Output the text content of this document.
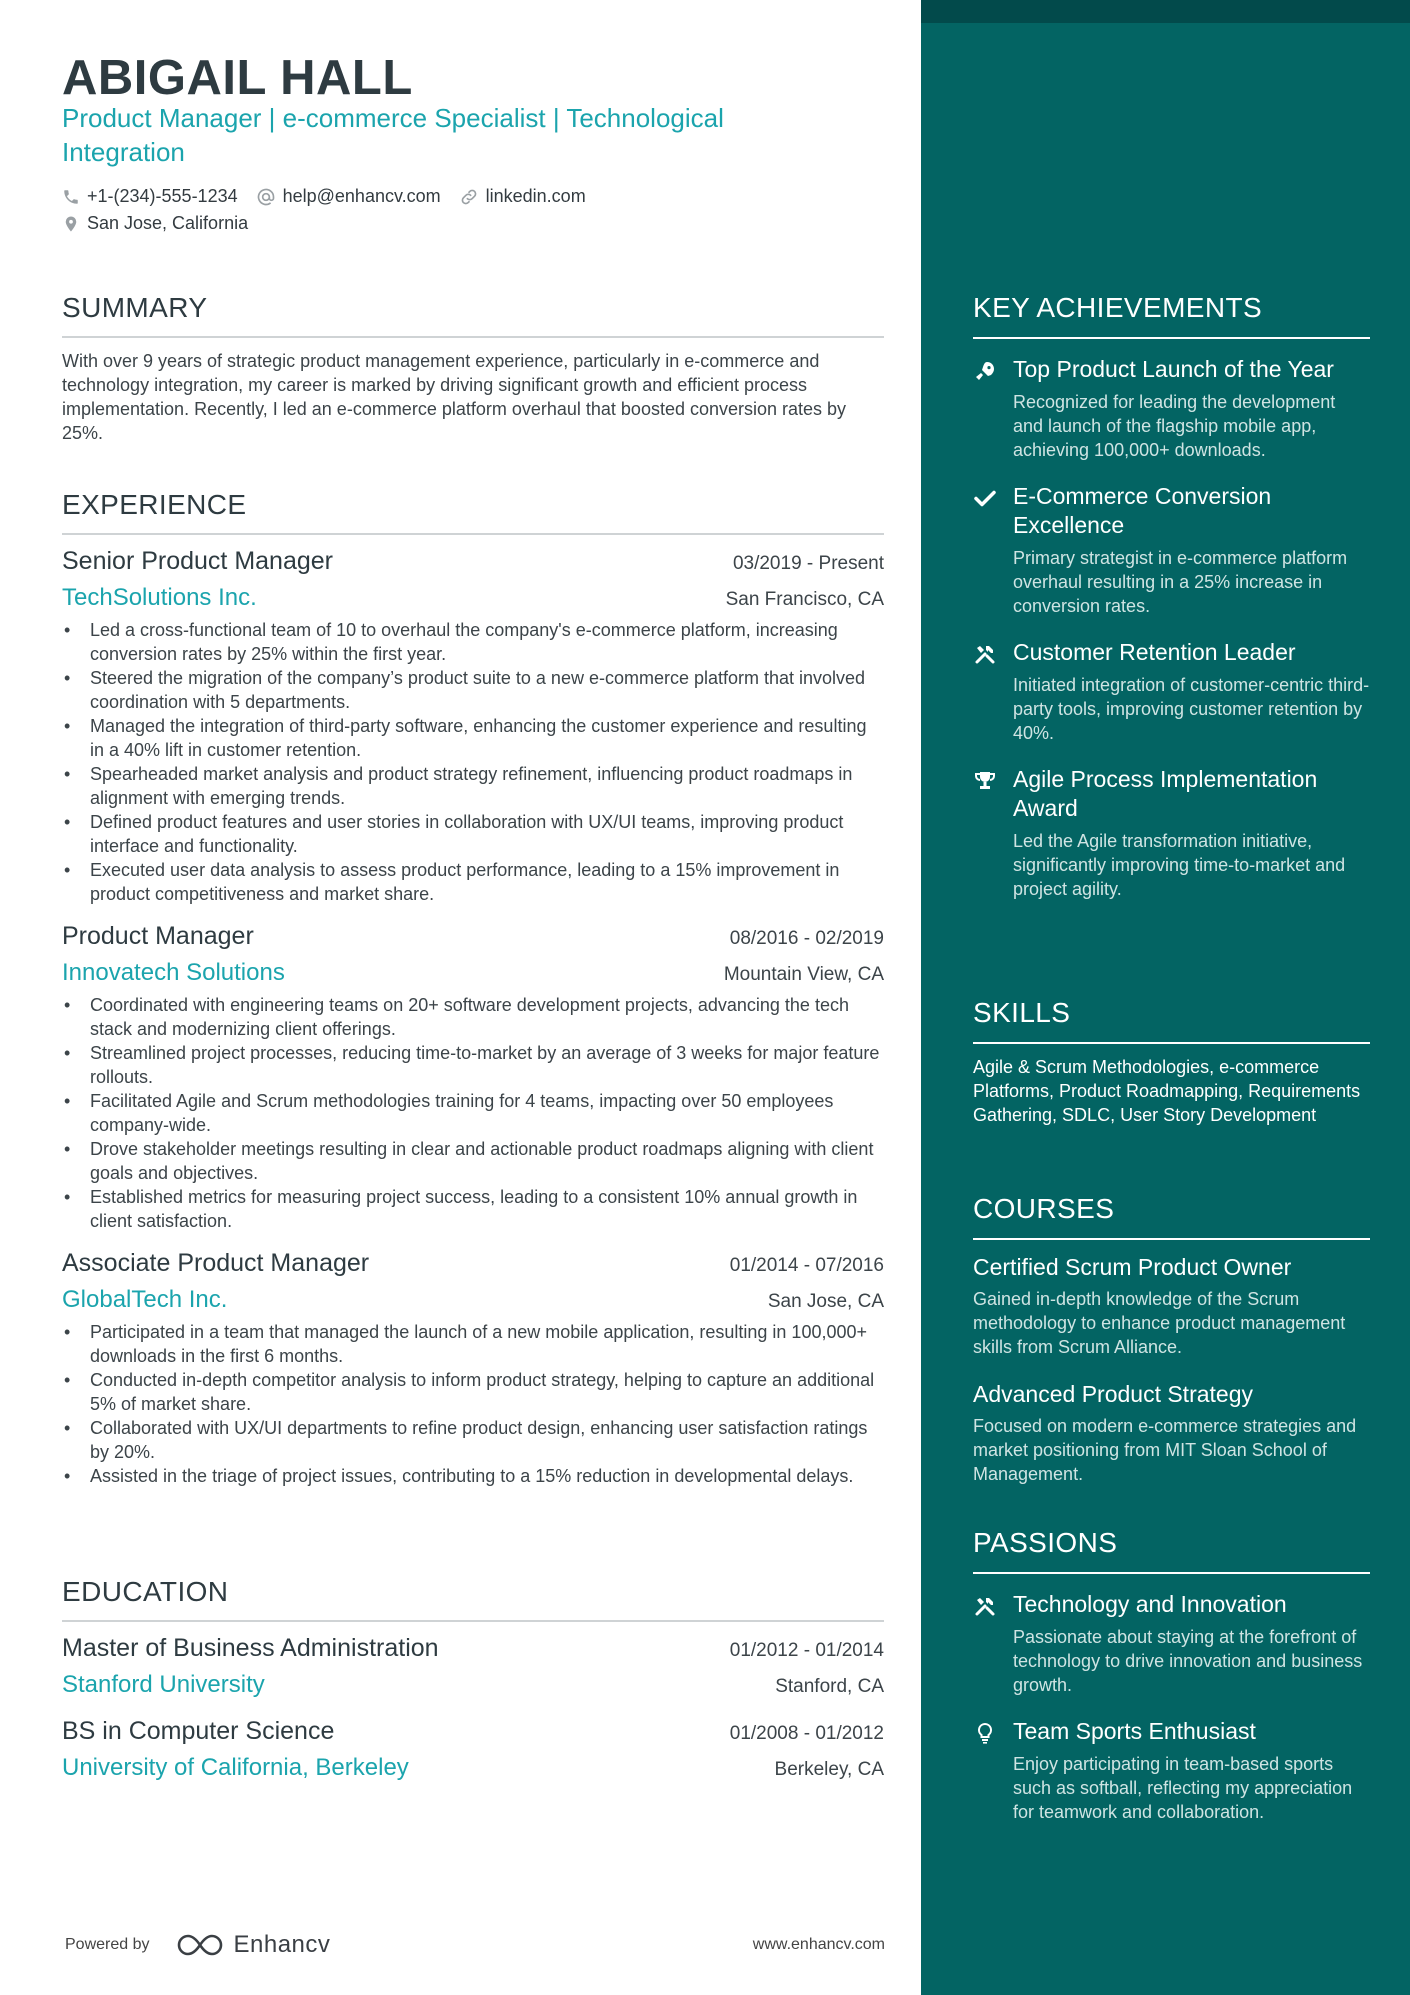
ABIGAIL HALL
Product Manager | e-commerce Specialist | Technological Integration
+1-(234)-555-1234	help@enhancv.com	linkedin.com
San Jose, California
SUMMARY
With over 9 years of strategic product management experience, particularly in e-commerce and technology integration, my career is marked by driving significant growth and efficient process implementation. Recently, I led an e-commerce platform overhaul that boosted conversion rates by 25%.
EXPERIENCE
Senior Product Manager	03/2019 - Present
TechSolutions Inc.	San Francisco, CA
• Led a cross-functional team of 10 to overhaul the company's e-commerce platform, increasing conversion rates by 25% within the first year.
• Steered the migration of the company’s product suite to a new e-commerce platform that involved coordination with 5 departments.
• Managed the integration of third-party software, enhancing the customer experience and resulting in a 40% lift in customer retention.
• Spearheaded market analysis and product strategy refinement, influencing product roadmaps in alignment with emerging trends.
• Defined product features and user stories in collaboration with UX/UI teams, improving product interface and functionality.
• Executed user data analysis to assess product performance, leading to a 15% improvement in product competitiveness and market share.
Product Manager	08/2016 - 02/2019
Innovatech Solutions	Mountain View, CA
• Coordinated with engineering teams on 20+ software development projects, advancing the tech stack and modernizing client offerings.
• Streamlined project processes, reducing time-to-market by an average of 3 weeks for major feature rollouts.
• Facilitated Agile and Scrum methodologies training for 4 teams, impacting over 50 employees company-wide.
• Drove stakeholder meetings resulting in clear and actionable product roadmaps aligning with client goals and objectives.
• Established metrics for measuring project success, leading to a consistent 10% annual growth in client satisfaction.
Associate Product Manager	01/2014 - 07/2016
GlobalTech Inc.	San Jose, CA
• Participated in a team that managed the launch of a new mobile application, resulting in 100,000+ downloads in the first 6 months.
• Conducted in-depth competitor analysis to inform product strategy, helping to capture an additional 5% of market share.
• Collaborated with UX/UI departments to refine product design, enhancing user satisfaction ratings by 20%.
• Assisted in the triage of project issues, contributing to a 15% reduction in developmental delays.
EDUCATION
Master of Business Administration	01/2012 - 01/2014
Stanford University	Stanford, CA
BS in Computer Science	01/2008 - 01/2012
University of California, Berkeley	Berkeley, CA
Powered by	Enhancv	www.enhancv.com
KEY ACHIEVEMENTS
Top Product Launch of the Year
Recognized for leading the development and launch of the flagship mobile app, achieving 100,000+ downloads.
E-Commerce Conversion Excellence
Primary strategist in e-commerce platform overhaul resulting in a 25% increase in conversion rates.
Customer Retention Leader
Initiated integration of customer-centric third-party tools, improving customer retention by 40%.
Agile Process Implementation Award
Led the Agile transformation initiative, significantly improving time-to-market and project agility.
SKILLS
Agile & Scrum Methodologies, e-commerce Platforms, Product Roadmapping, Requirements Gathering, SDLC, User Story Development
COURSES
Certified Scrum Product Owner
Gained in-depth knowledge of the Scrum methodology to enhance product management skills from Scrum Alliance.
Advanced Product Strategy
Focused on modern e-commerce strategies and market positioning from MIT Sloan School of Management.
PASSIONS
Technology and Innovation
Passionate about staying at the forefront of technology to drive innovation and business growth.
Team Sports Enthusiast
Enjoy participating in team-based sports such as softball, reflecting my appreciation for teamwork and collaboration.
